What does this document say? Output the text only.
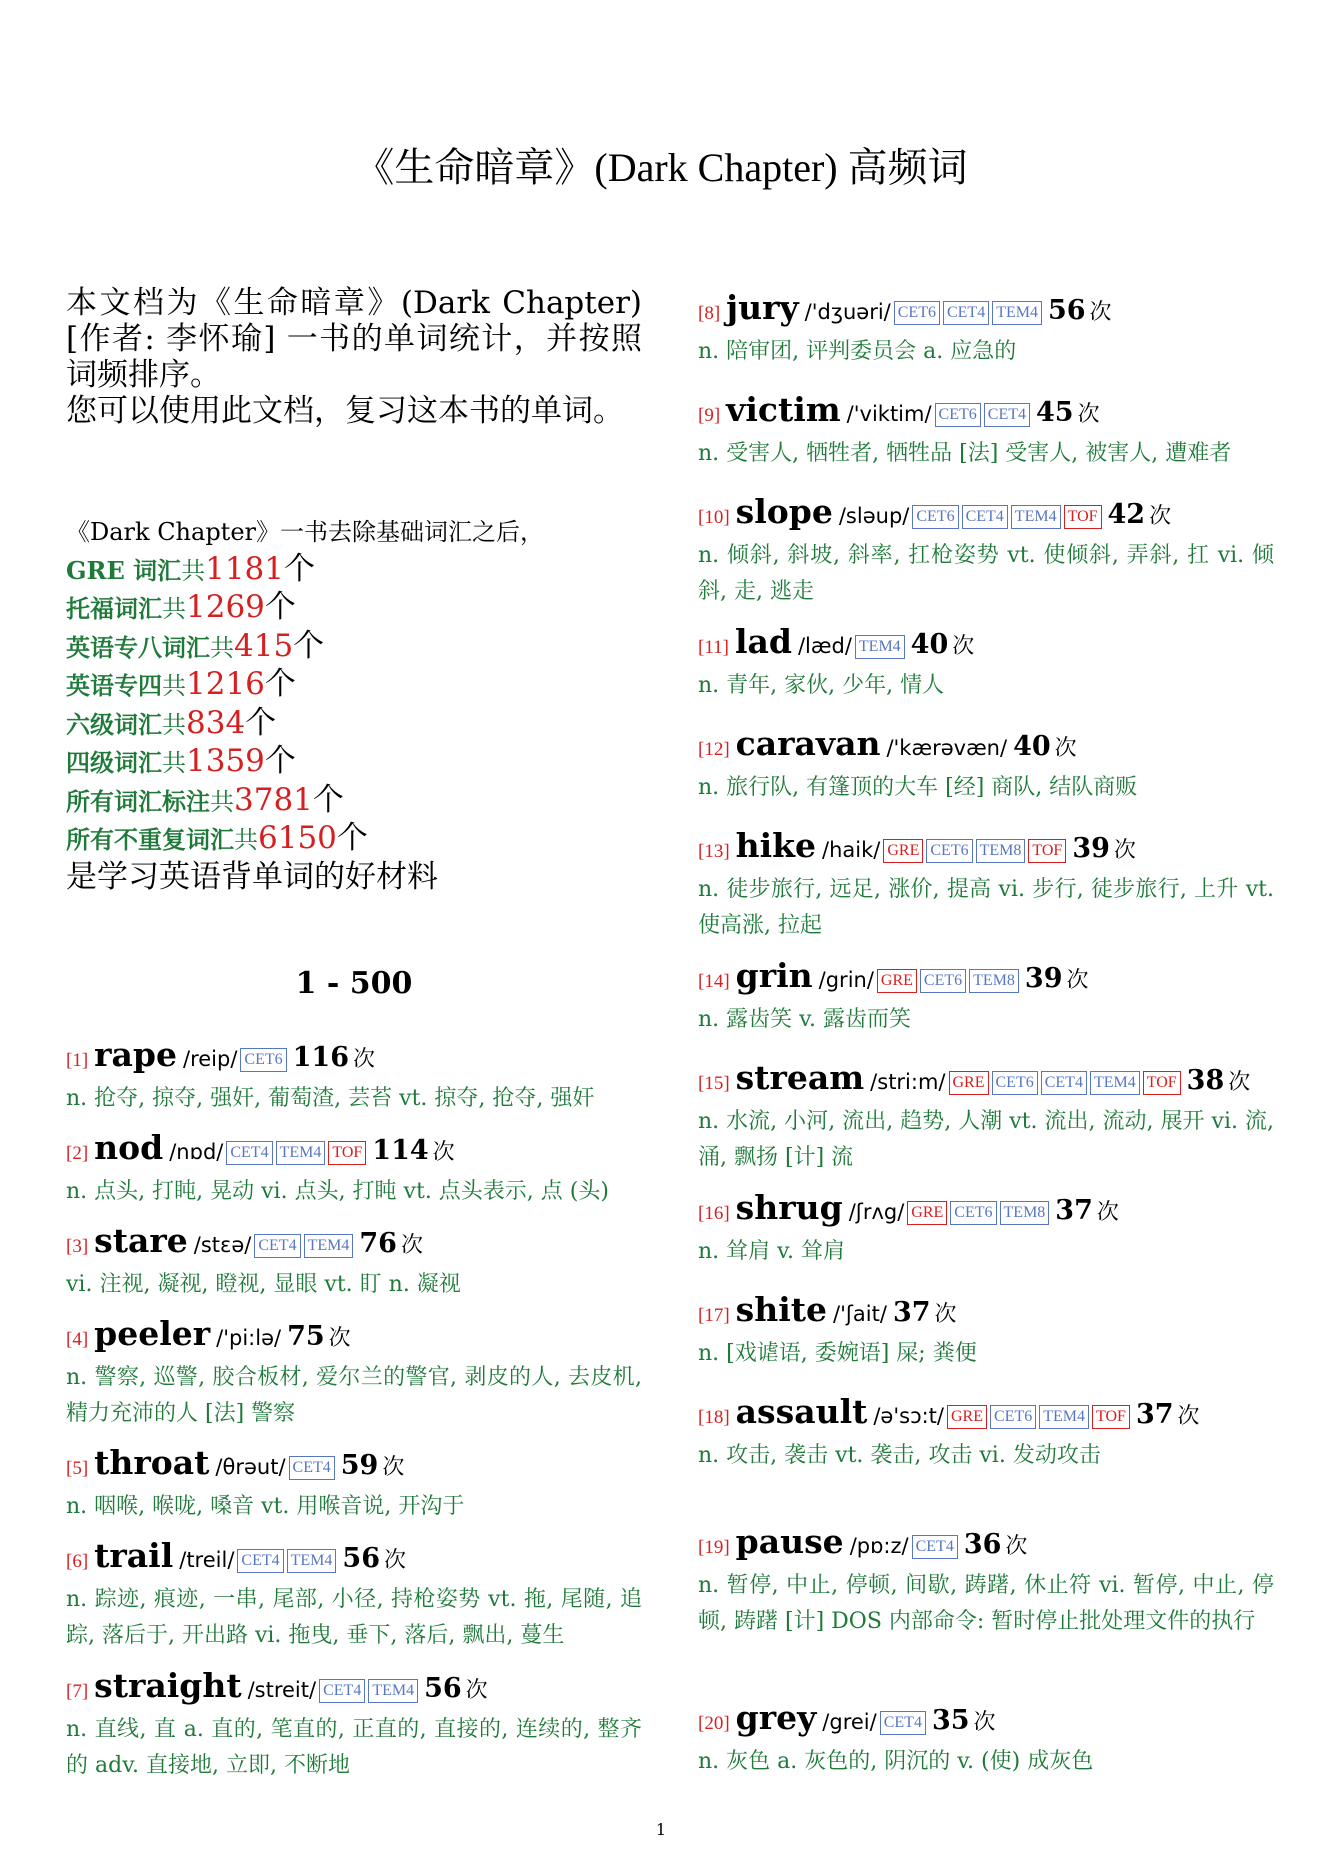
《生命暗章》(Dark Chapter) 高频词

本文档为《生命暗章》(Dark Chapter)[作者: 李怀瑜] 一书的单词统计，并按照词频排序。

您可以使用此文档，复习这本书的单词。

《Dark Chapter》一书去除基础词汇之后，
GRE 词汇共1181个
托福词汇共1269个
英语专八词汇共415个
英语专四共1216个
六级词汇共834个
四级词汇共1359个
所有词汇标注共3781个
所有不重复词汇共6150个
是学习英语背单词的好材料
1 - 500
[1] rape /reip/ CET6 116 次
n. 抢夺, 掠夺, 强奸, 葡萄渣, 芸苔 vt. 掠夺, 抢夺, 强奸
[2] nod /nɒd/ CET4 TEM4 TOF 114 次
n. 点头, 打盹, 晃动 vi. 点头, 打盹 vt. 点头表示, 点 (头)
[3] stare /stɛə/ CET4 TEM4 76 次
vi. 注视, 凝视, 瞪视, 显眼 vt. 盯 n. 凝视
[4] peeler /'pi:lə/ 75 次
n. 警察, 巡警, 胶合板材, 爱尔兰的警官, 剥皮的人, 去皮机, 精力充沛的人 [法] 警察
[5] throat /θrəut/ CET4 59 次
n. 咽喉, 喉咙, 嗓音 vt. 用喉音说, 开沟于
[6] trail /treil/ CET4 TEM4 56 次
n. 踪迹, 痕迹, 一串, 尾部, 小径, 持枪姿势 vt. 拖, 尾随, 追踪, 落后于, 开出路 vi. 拖曳, 垂下, 落后, 飘出, 蔓生
[7] straight /streit/ CET4 TEM4 56 次
n. 直线, 直 a. 直的, 笔直的, 正直的, 直接的, 连续的, 整齐的 adv. 直接地, 立即, 不断地
[8] jury /'dʒuəri/ CET6 CET4 TEM4 56 次
n. 陪审团, 评判委员会 a. 应急的
[9] victim /'viktim/ CET6 CET4 45 次
n. 受害人, 牺牲者, 牺牲品 [法] 受害人, 被害人, 遭难者
[10] slope /sləup/ CET6 CET4 TEM4 TOF 42 次
n. 倾斜, 斜坡, 斜率, 扛枪姿势 vt. 使倾斜, 弄斜, 扛 vi. 倾斜, 走, 逃走
[11] lad /læd/ TEM4 40 次
n. 青年, 家伙, 少年, 情人
[12] caravan /'kærəvæn/ 40 次
n. 旅行队, 有篷顶的大车 [经] 商队, 结队商贩
[13] hike /haik/ GRE CET6 TEM8 TOF 39 次
n. 徒步旅行, 远足, 涨价, 提高 vi. 步行, 徒步旅行, 上升 vt. 使高涨, 拉起
[14] grin /grin/ GRE CET6 TEM8 39 次
n. 露齿笑 v. 露齿而笑
[15] stream /stri:m/ GRE CET6 CET4 TEM4 TOF 38 次
n. 水流, 小河, 流出, 趋势, 人潮 vt. 流出, 流动, 展开 vi. 流, 涌, 飘扬 [计] 流
[16] shrug /ʃrʌg/ GRE CET6 TEM8 37 次
n. 耸肩 v. 耸肩
[17] shite /'ʃait/ 37 次
n. [戏谑语, 委婉语] 屎; 粪便
[18] assault /ə'sɔ:t/ GRE CET6 TEM4 TOF 37 次
n. 攻击, 袭击 vt. 袭击, 攻击 vi. 发动攻击
[19] pause /pɒ:z/ CET4 36 次
n. 暂停, 中止, 停顿, 间歇, 踌躇, 休止符 vi. 暂停, 中止, 停顿, 踌躇 [计] DOS 内部命令: 暂时停止批处理文件的执行
[20] grey /grei/ CET4 35 次
n. 灰色 a. 灰色的, 阴沉的 v. (使) 成灰色
1
